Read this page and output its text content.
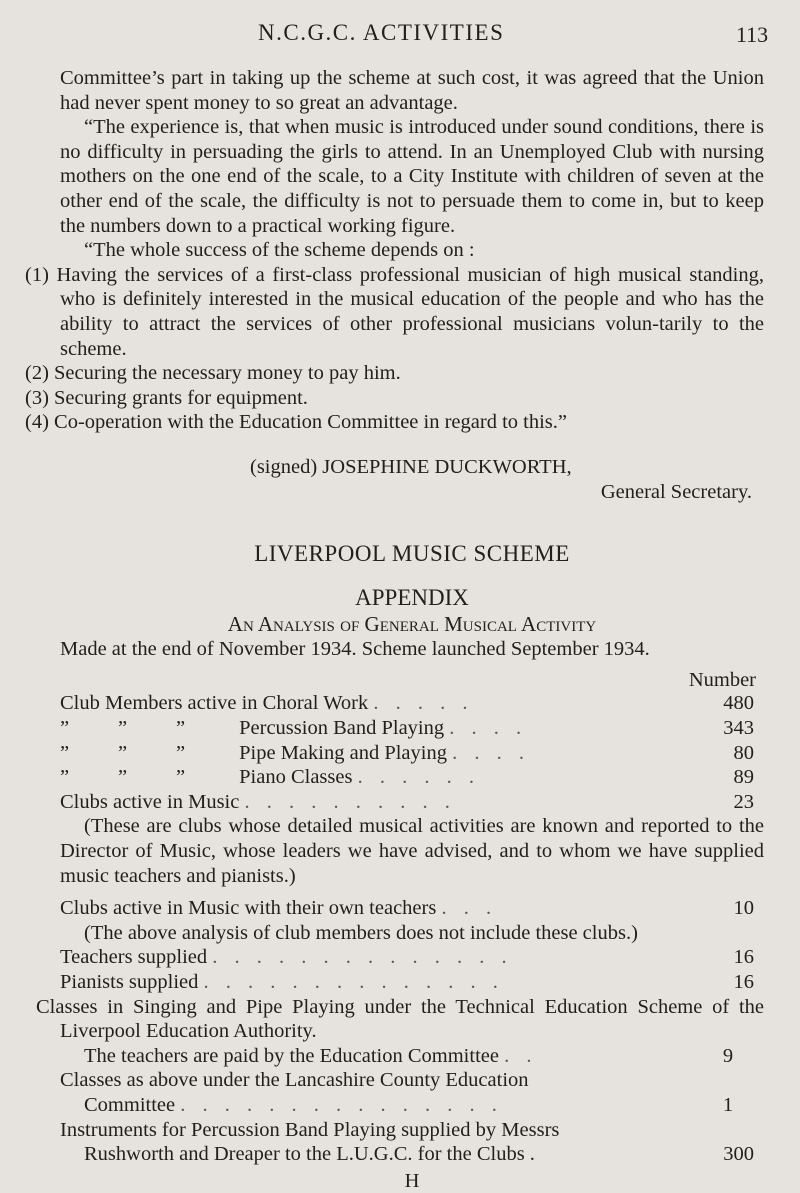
N.C.G.C. ACTIVITIES	113

Committee’s part in taking up the scheme at such cost, it was agreed that the Union had never spent money to so great an advantage.

“The experience is, that when music is introduced under sound conditions, there is no difficulty in persuading the girls to attend. In an Unemployed Club with nursing mothers on the one end of the scale, to a City Institute with children of seven at the other end of the scale, the difficulty is not to persuade them to come in, but to keep the numbers down to a practical working figure.

“The whole success of the scheme depends on :

(1) Having the services of a first-class professional musician of high musical standing, who is definitely interested in the musical education of the people and who has the ability to attract the services of other professional musicians volun-tarily to the scheme.

(2) Securing the necessary money to pay him.

(3) Securing grants for equipment.

(4) Co-operation with the Education Committee in regard to this.”

(signed) JOSEPHINE DUCKWORTH,

General Secretary.

LIVERPOOL MUSIC SCHEME
APPENDIX
An Analysis of General Musical Activity

Made at the end of November 1934. Scheme launched September 1934.

Number
Club Members active in Choral Work . . . . .	480
” ” ”	Percussion Band Playing . . . .	343
” ” ”	Pipe Making and Playing . . . .	80
” ” ”	Piano Classes . . . . . .	89
Clubs active in Music . . . . . . . . . .	23

(These are clubs whose detailed musical activities are known and reported to the Director of Music, whose leaders we have advised, and to whom we have supplied music teachers and pianists.)

Clubs active in Music with their own teachers . . .	10

(The above analysis of club members does not include these clubs.)

Teachers supplied . . . . . . . . . . . . . .	16
Pianists supplied . . . . . . . . . . . . . .	16

Classes in Singing and Pipe Playing under the Technical Education Scheme of the Liverpool Education Authority.

The teachers are paid by the Education Committee . .	9

Classes as above under the Lancashire County Education

Committee . . . . . . . . . . . . . . .	1

Instruments for Percussion Band Playing supplied by Messrs

Rushworth and Dreaper to the L.U.G.C. for the Clubs .	300
H
